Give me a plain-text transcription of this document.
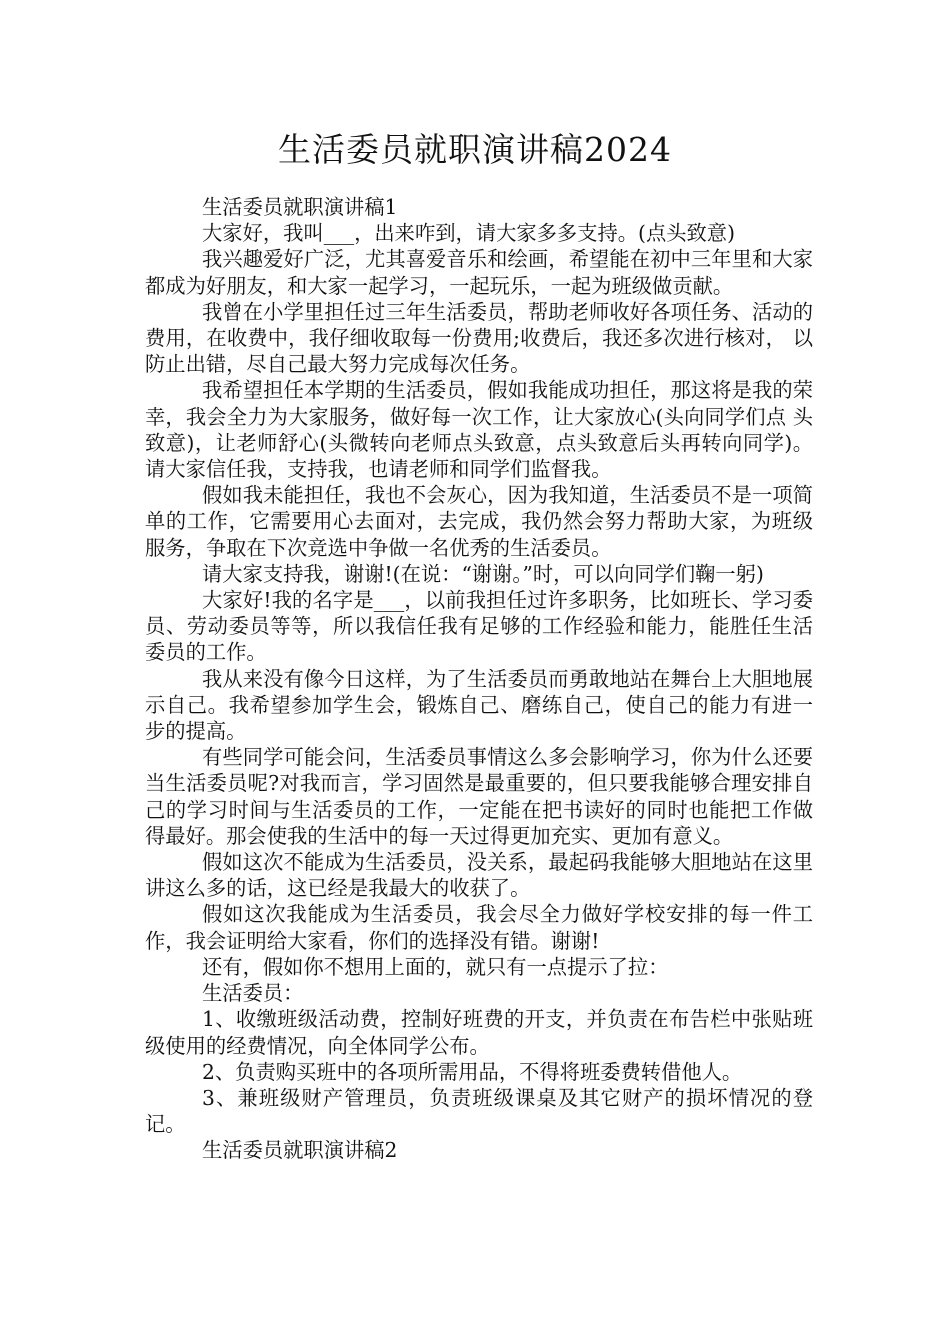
生活委员就职演讲稿2024

生活委员就职演讲稿1

大家好，我叫___，出来咋到，请大家多多支持。(点头致意)

我兴趣爱好广泛，尤其喜爱音乐和绘画，希望能在初中三年里和大家都成为好朋友，和大家一起学习，一起玩乐，一起为班级做贡献。

我曾在小学里担任过三年生活委员，帮助老师收好各项任务、活动的费用，在收费中，我仔细收取每一份费用;收费后，我还多次进行核对， 以防止出错，尽自己最大努力完成每次任务。

我希望担任本学期的生活委员，假如我能成功担任，那这将是我的荣幸，我会全力为大家服务，做好每一次工作，让大家放心(头向同学们点 头致意)，让老师舒心(头微转向老师点头致意，点头致意后头再转向同学)。请大家信任我，支持我，也请老师和同学们监督我。

假如我未能担任，我也不会灰心，因为我知道，生活委员不是一项简单的工作，它需要用心去面对，去完成，我仍然会努力帮助大家，为班级 服务，争取在下次竞选中争做一名优秀的生活委员。

请大家支持我，谢谢!(在说：“谢谢。”时，可以向同学们鞠一躬)

大家好!我的名字是___，以前我担任过许多职务，比如班长、学习委员、劳动委员等等，所以我信任我有足够的工作经验和能力，能胜任生活委员的工作。

我从来没有像今日这样，为了生活委员而勇敢地站在舞台上大胆地展示自己。我希望参加学生会，锻炼自己、磨练自己，使自己的能力有进一步的提高。

有些同学可能会问，生活委员事情这么多会影响学习，你为什么还要当生活委员呢?对我而言，学习固然是最重要的，但只要我能够合理安排自己的学习时间与生活委员的工作，一定能在把书读好的同时也能把工作做得最好。那会使我的生活中的每一天过得更加充实、更加有意义。

假如这次不能成为生活委员，没关系，最起码我能够大胆地站在这里讲这么多的话，这已经是我最大的收获了。

假如这次我能成为生活委员，我会尽全力做好学校安排的每一件工作，我会证明给大家看，你们的选择没有错。谢谢!

还有，假如你不想用上面的，就只有一点提示了拉：

生活委员：

1、收缴班级活动费，控制好班费的开支，并负责在布告栏中张贴班级使用的经费情况，向全体同学公布。

2、负责购买班中的各项所需用品，不得将班委费转借他人。

3、兼班级财产管理员，负责班级课桌及其它财产的损坏情况的登记。

生活委员就职演讲稿2
